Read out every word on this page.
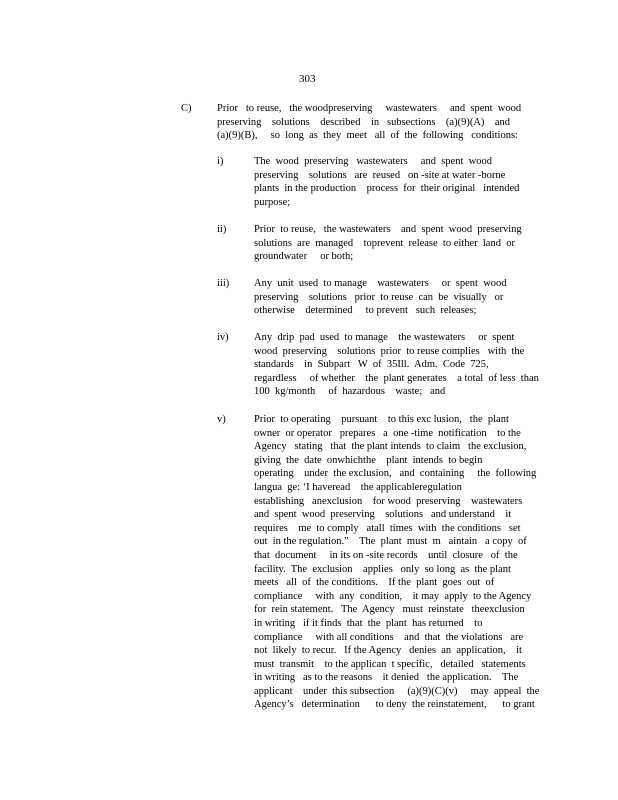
303
C) Prior   to reuse,   the woodpreserving     wastewaters     and  spent  wood
preserving    solutions    described    in   subsections    (a)(9)(A)    and
(a)(9)(B),     so  long  as  they  meet   all  of  the  following   conditions:
i)	The  wood  preserving   wastewaters     and  spent  wood
preserving    solutions   are  reused   on -site at water -borne
plants  in the production    process  for  their original   intended
purpose;
ii)	Prior  to reuse,   the wastewaters    and  spent  wood  preserving
solutions  are  managed    toprevent  release  to either  land  or
groundwater     or both;
iii) Any  unit  used  to manage    wastewaters     or  spent  wood
preserving    solutions   prior  to reuse  can  be  visually   or
otherwise    determined     to prevent   such  releases;
iv) Any  drip  pad  used  to manage    the wastewaters     or  spent
wood  preserving    solutions  prior  to reuse complies   with  the
standards    in  Subpart   W  of  35Ill.  Adm.  Code  725,
regardless     of whether    the  plant generates    a total  of less  than
100  kg/month     of  hazardous    waste;   and
v)	Prior  to operating    pursuant    to this exc lusion,   the  plant
owner  or operator   prepares   a  one -time  notification    to the
Agency   stating   that  the plant intends  to claim   the exclusion,
giving  the  date  onwhichthe    plant  intends  to begin
operating    under  the exclusion,   and  containing     the  following
langua  ge: ‘I haveread    the applicableregulation
establishing   anexclusion    for wood  preserving    wastewaters
and  spent  wood  preserving    solutions   and understand    it
requires    me  to comply   atall  times  with  the conditions   set
out  in the regulation.”    The  plant  must  m   aintain   a copy  of
that  document     in its on -site records    until  closure   of  the
facility.  The  exclusion    applies   only  so long  as  the plant
meets   all  of  the conditions.    If the  plant  goes  out  of
compliance     with  any  condition,    it may  apply  to the Agency
for  rein statement.   The  Agency   must  reinstate   theexclusion
in writing   if it finds  that  the  plant  has returned    to
compliance     with all conditions    and  that  the violations   are
not  likely  to recur.   If the Agency   denies  an  application,    it
must  transmit    to the applican  t specific,   detailed   statements
in writing   as to the reasons    it denied   the application.    The
applicant    under  this subsection     (a)(9)(C)(v)     may  appeal  the
Agency’s   determination      to deny  the reinstatement,      to grant
